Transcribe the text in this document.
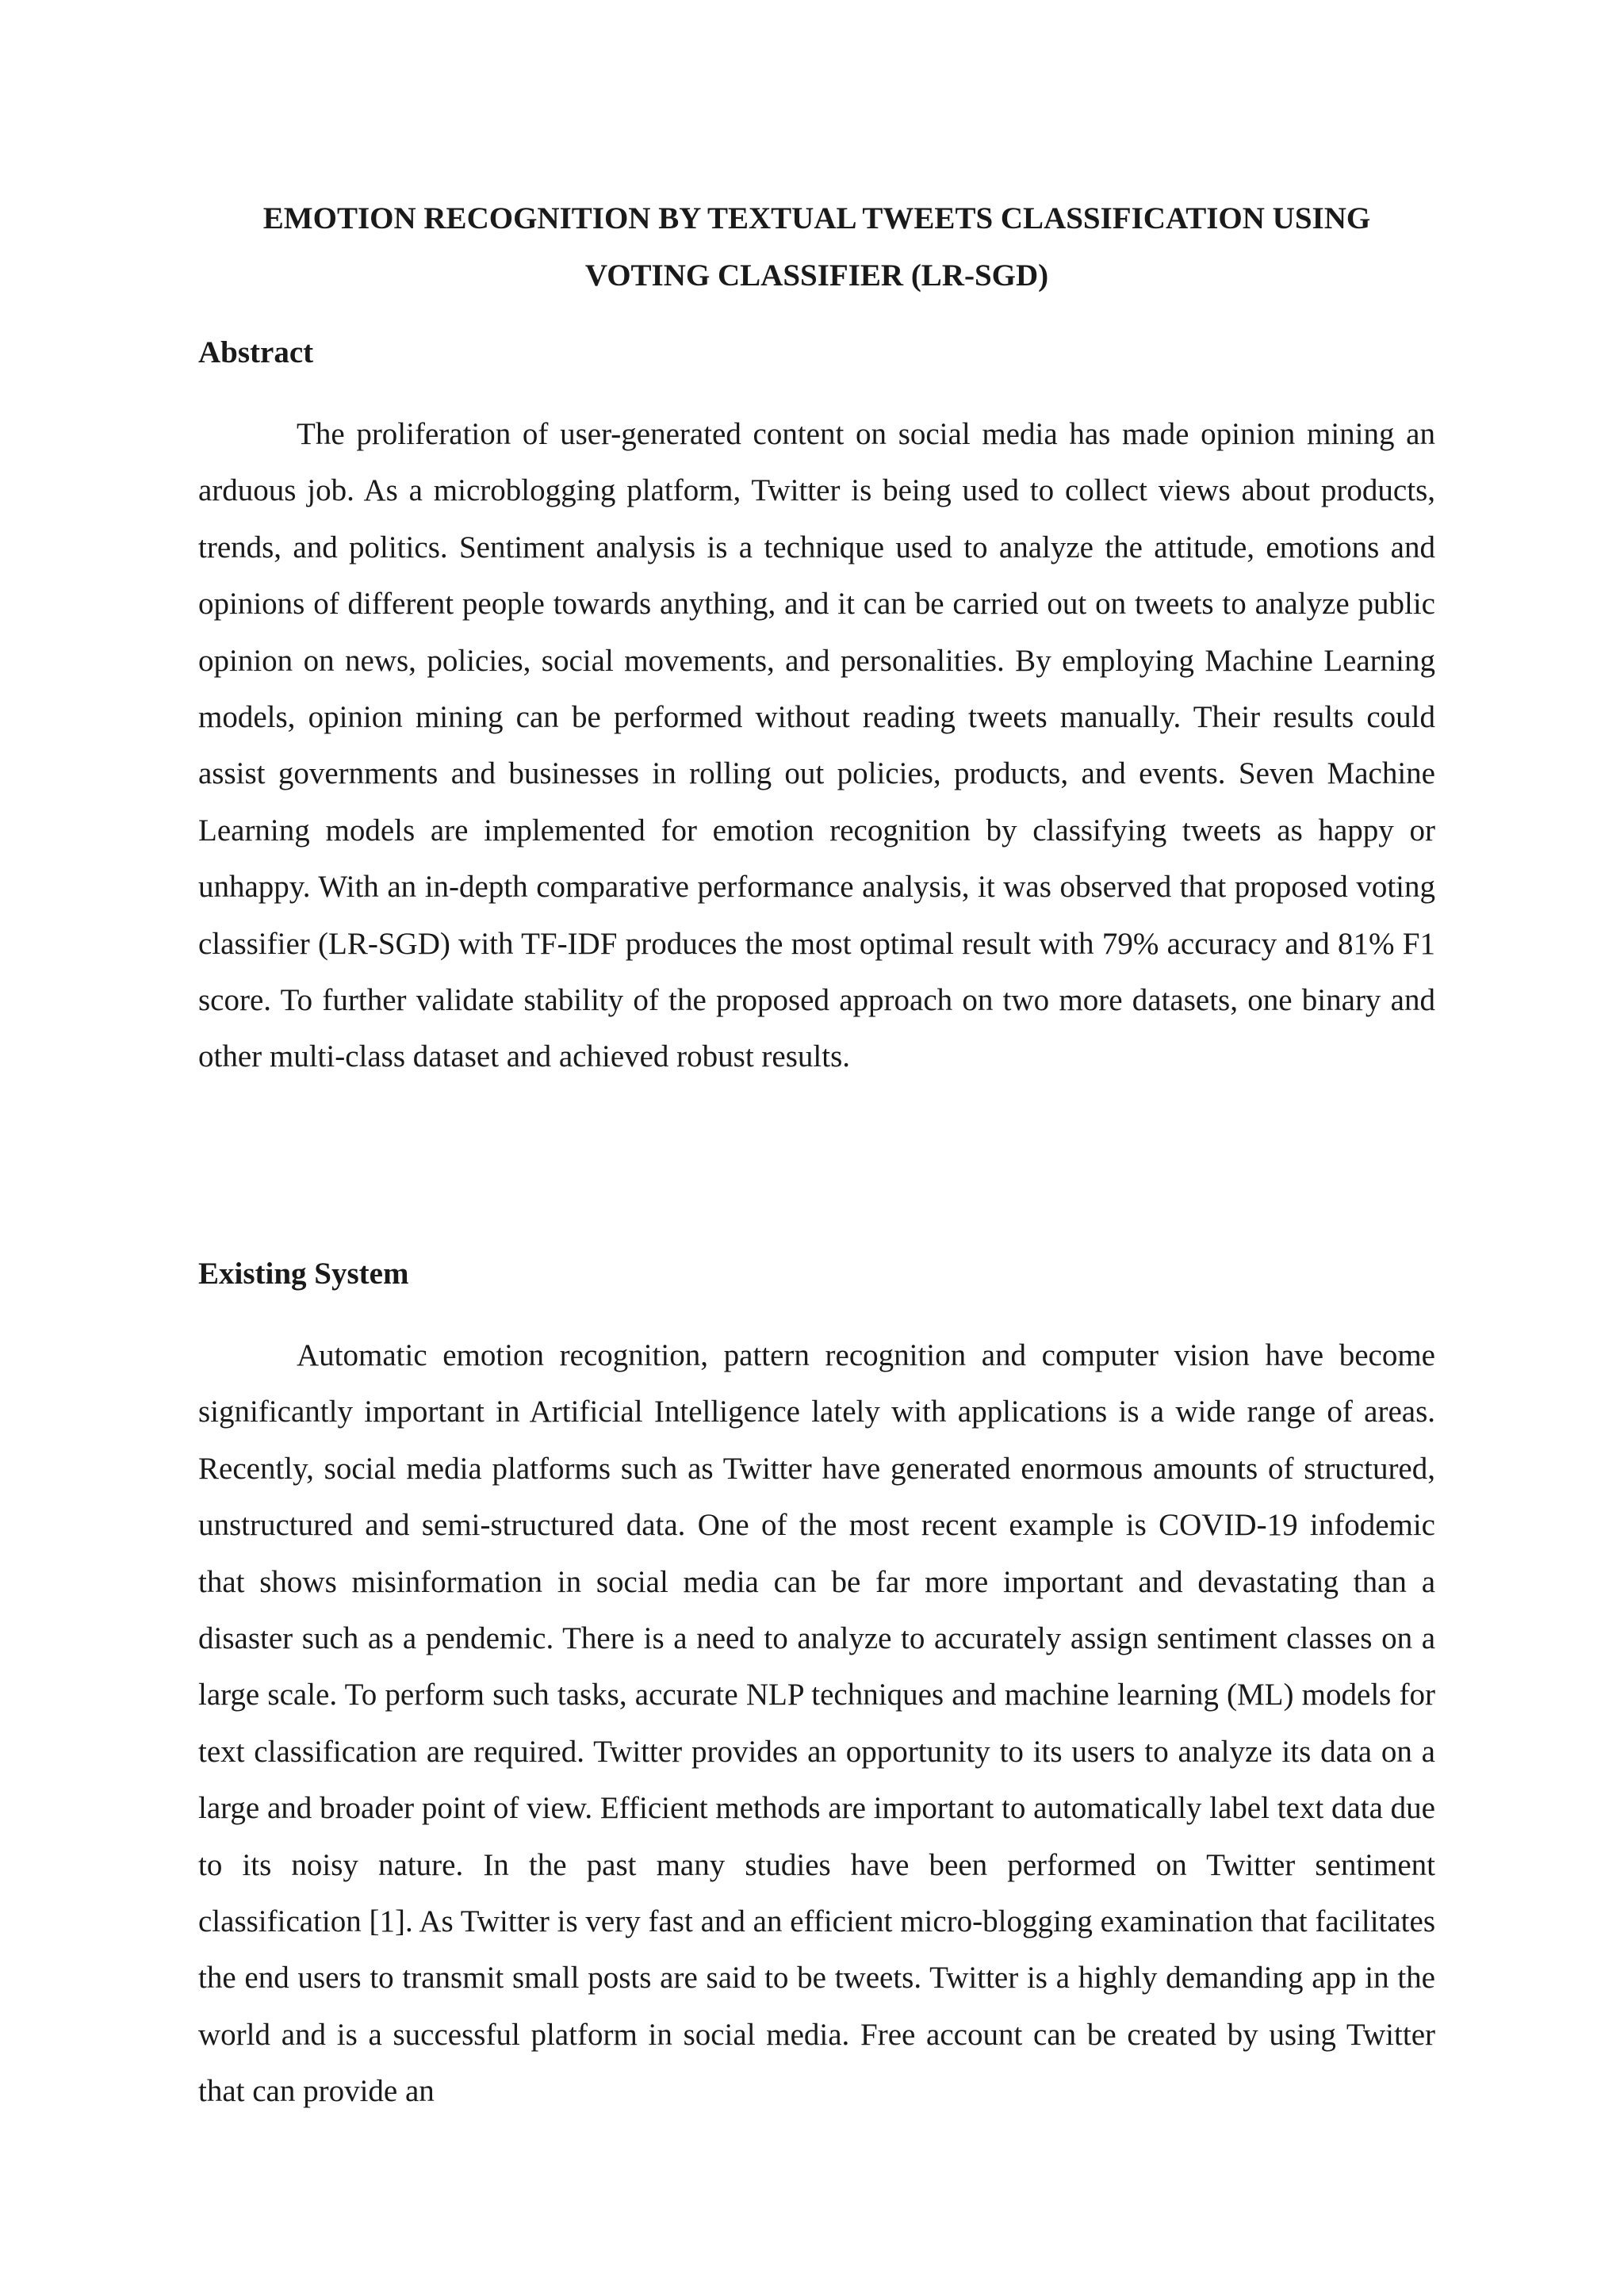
EMOTION RECOGNITION BY TEXTUAL TWEETS CLASSIFICATION USING
VOTING CLASSIFIER (LR-SGD)
Abstract

The proliferation of user-generated content on social media has made opinion mining an arduous job. As a microblogging platform, Twitter is being used to collect views about products, trends, and politics. Sentiment analysis is a technique used to analyze the attitude, emotions and opinions of different people towards anything, and it can be carried out on tweets to analyze public opinion on news, policies, social movements, and personalities. By employing Machine Learning models, opinion mining can be performed without reading tweets manually. Their results could assist governments and businesses in rolling out policies, products, and events. Seven Machine Learning models are implemented for emotion recognition by classifying tweets as happy or unhappy. With an in-depth comparative performance analysis, it was observed that proposed voting classifier (LR-SGD) with TF-IDF produces the most optimal result with 79% accuracy and 81% F1 score. To further validate stability of the proposed approach on two more datasets, one binary and other multi-class dataset and achieved robust results.

Existing System

Automatic emotion recognition, pattern recognition and computer vision have become significantly important in Artificial Intelligence lately with applications is a wide range of areas. Recently, social media platforms such as Twitter have generated enormous amounts of structured, unstructured and semi-structured data. One of the most recent example is COVID-19 infodemic that shows misinformation in social media can be far more important and devastating than a disaster such as a pendemic. There is a need to analyze to accurately assign sentiment classes on a large scale. To perform such tasks, accurate NLP techniques and machine learning (ML) models for text classification are required. Twitter provides an opportunity to its users to analyze its data on a large and broader point of view. Efficient methods are important to automatically label text data due to its noisy nature. In the past many studies have been performed on Twitter sentiment classification [1]. As Twitter is very fast and an efficient micro-blogging examination that facilitates the end users to transmit small posts are said to be tweets. Twitter is a highly demanding app in the world and is a successful platform in social media. Free account can be created by using Twitter that can provide an
